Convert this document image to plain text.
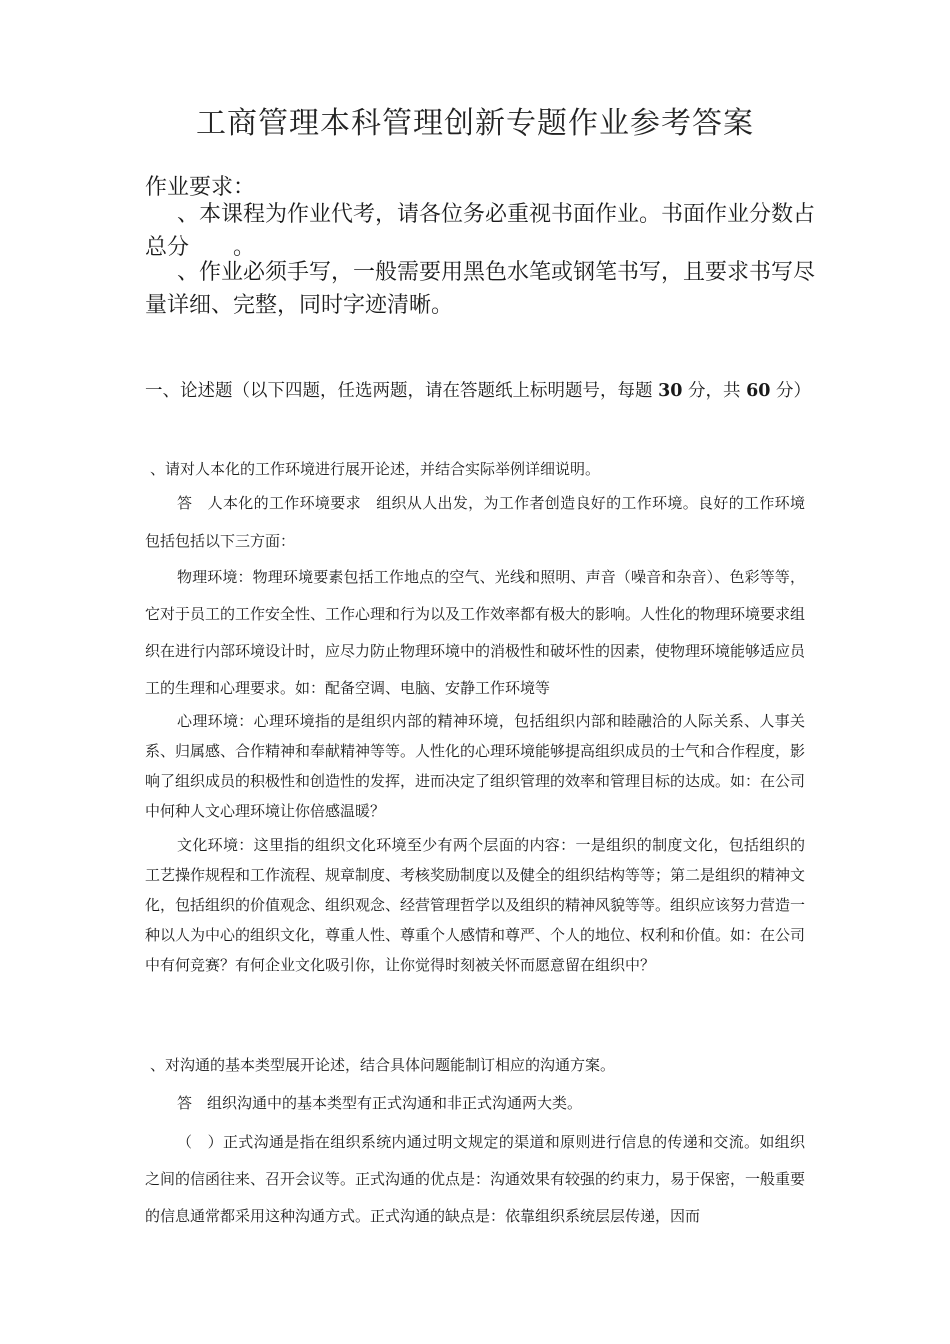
工商管理本科管理创新专题作业参考答案
作业要求：
、本课程为作业代考，请各位务必重视书面作业。书面作业分数占总分　　。
、作业必须手写，一般需要用黑色水笔或钢笔书写，且要求书写尽量详细、完整，同时字迹清晰。
一、论述题（以下四题，任选两题，请在答题纸上标明题号，每题 30 分，共 60 分）
、请对人本化的工作环境进行展开论述，并结合实际举例详细说明。
答　人本化的工作环境要求　组织从人出发，为工作者创造良好的工作环境。良好的工作环境包括包括以下三方面：
物理环境：物理环境要素包括工作地点的空气、光线和照明、声音（噪音和杂音）、色彩等等，它对于员工的工作安全性、工作心理和行为以及工作效率都有极大的影响。人性化的物理环境要求组织在进行内部环境设计时，应尽力防止物理环境中的消极性和破坏性的因素，使物理环境能够适应员工的生理和心理要求。如：配备空调、电脑、安静工作环境等
心理环境：心理环境指的是组织内部的精神环境，包括组织内部和睦融洽的人际关系、人事关系、归属感、合作精神和奉献精神等等。人性化的心理环境能够提高组织成员的士气和合作程度，影响了组织成员的积极性和创造性的发挥，进而决定了组织管理的效率和管理目标的达成。如：在公司中何种人文心理环境让你倍感温暖？
文化环境：这里指的组织文化环境至少有两个层面的内容：一是组织的制度文化，包括组织的工艺操作规程和工作流程、规章制度、考核奖励制度以及健全的组织结构等等；第二是组织的精神文化，包括组织的价值观念、组织观念、经营管理哲学以及组织的精神风貌等等。组织应该努力营造一种以人为中心的组织文化，尊重人性、尊重个人感情和尊严、个人的地位、权利和价值。如：在公司中有何竞赛？有何企业文化吸引你，让你觉得时刻被关怀而愿意留在组织中？
、对沟通的基本类型展开论述，结合具体问题能制订相应的沟通方案。
答　组织沟通中的基本类型有正式沟通和非正式沟通两大类。
（　）正式沟通是指在组织系统内通过明文规定的渠道和原则进行信息的传递和交流。如组织之间的信函往来、召开会议等。正式沟通的优点是：沟通效果有较强的约束力，易于保密，一般重要的信息通常都采用这种沟通方式。正式沟通的缺点是：依靠组织系统层层传递，因而
